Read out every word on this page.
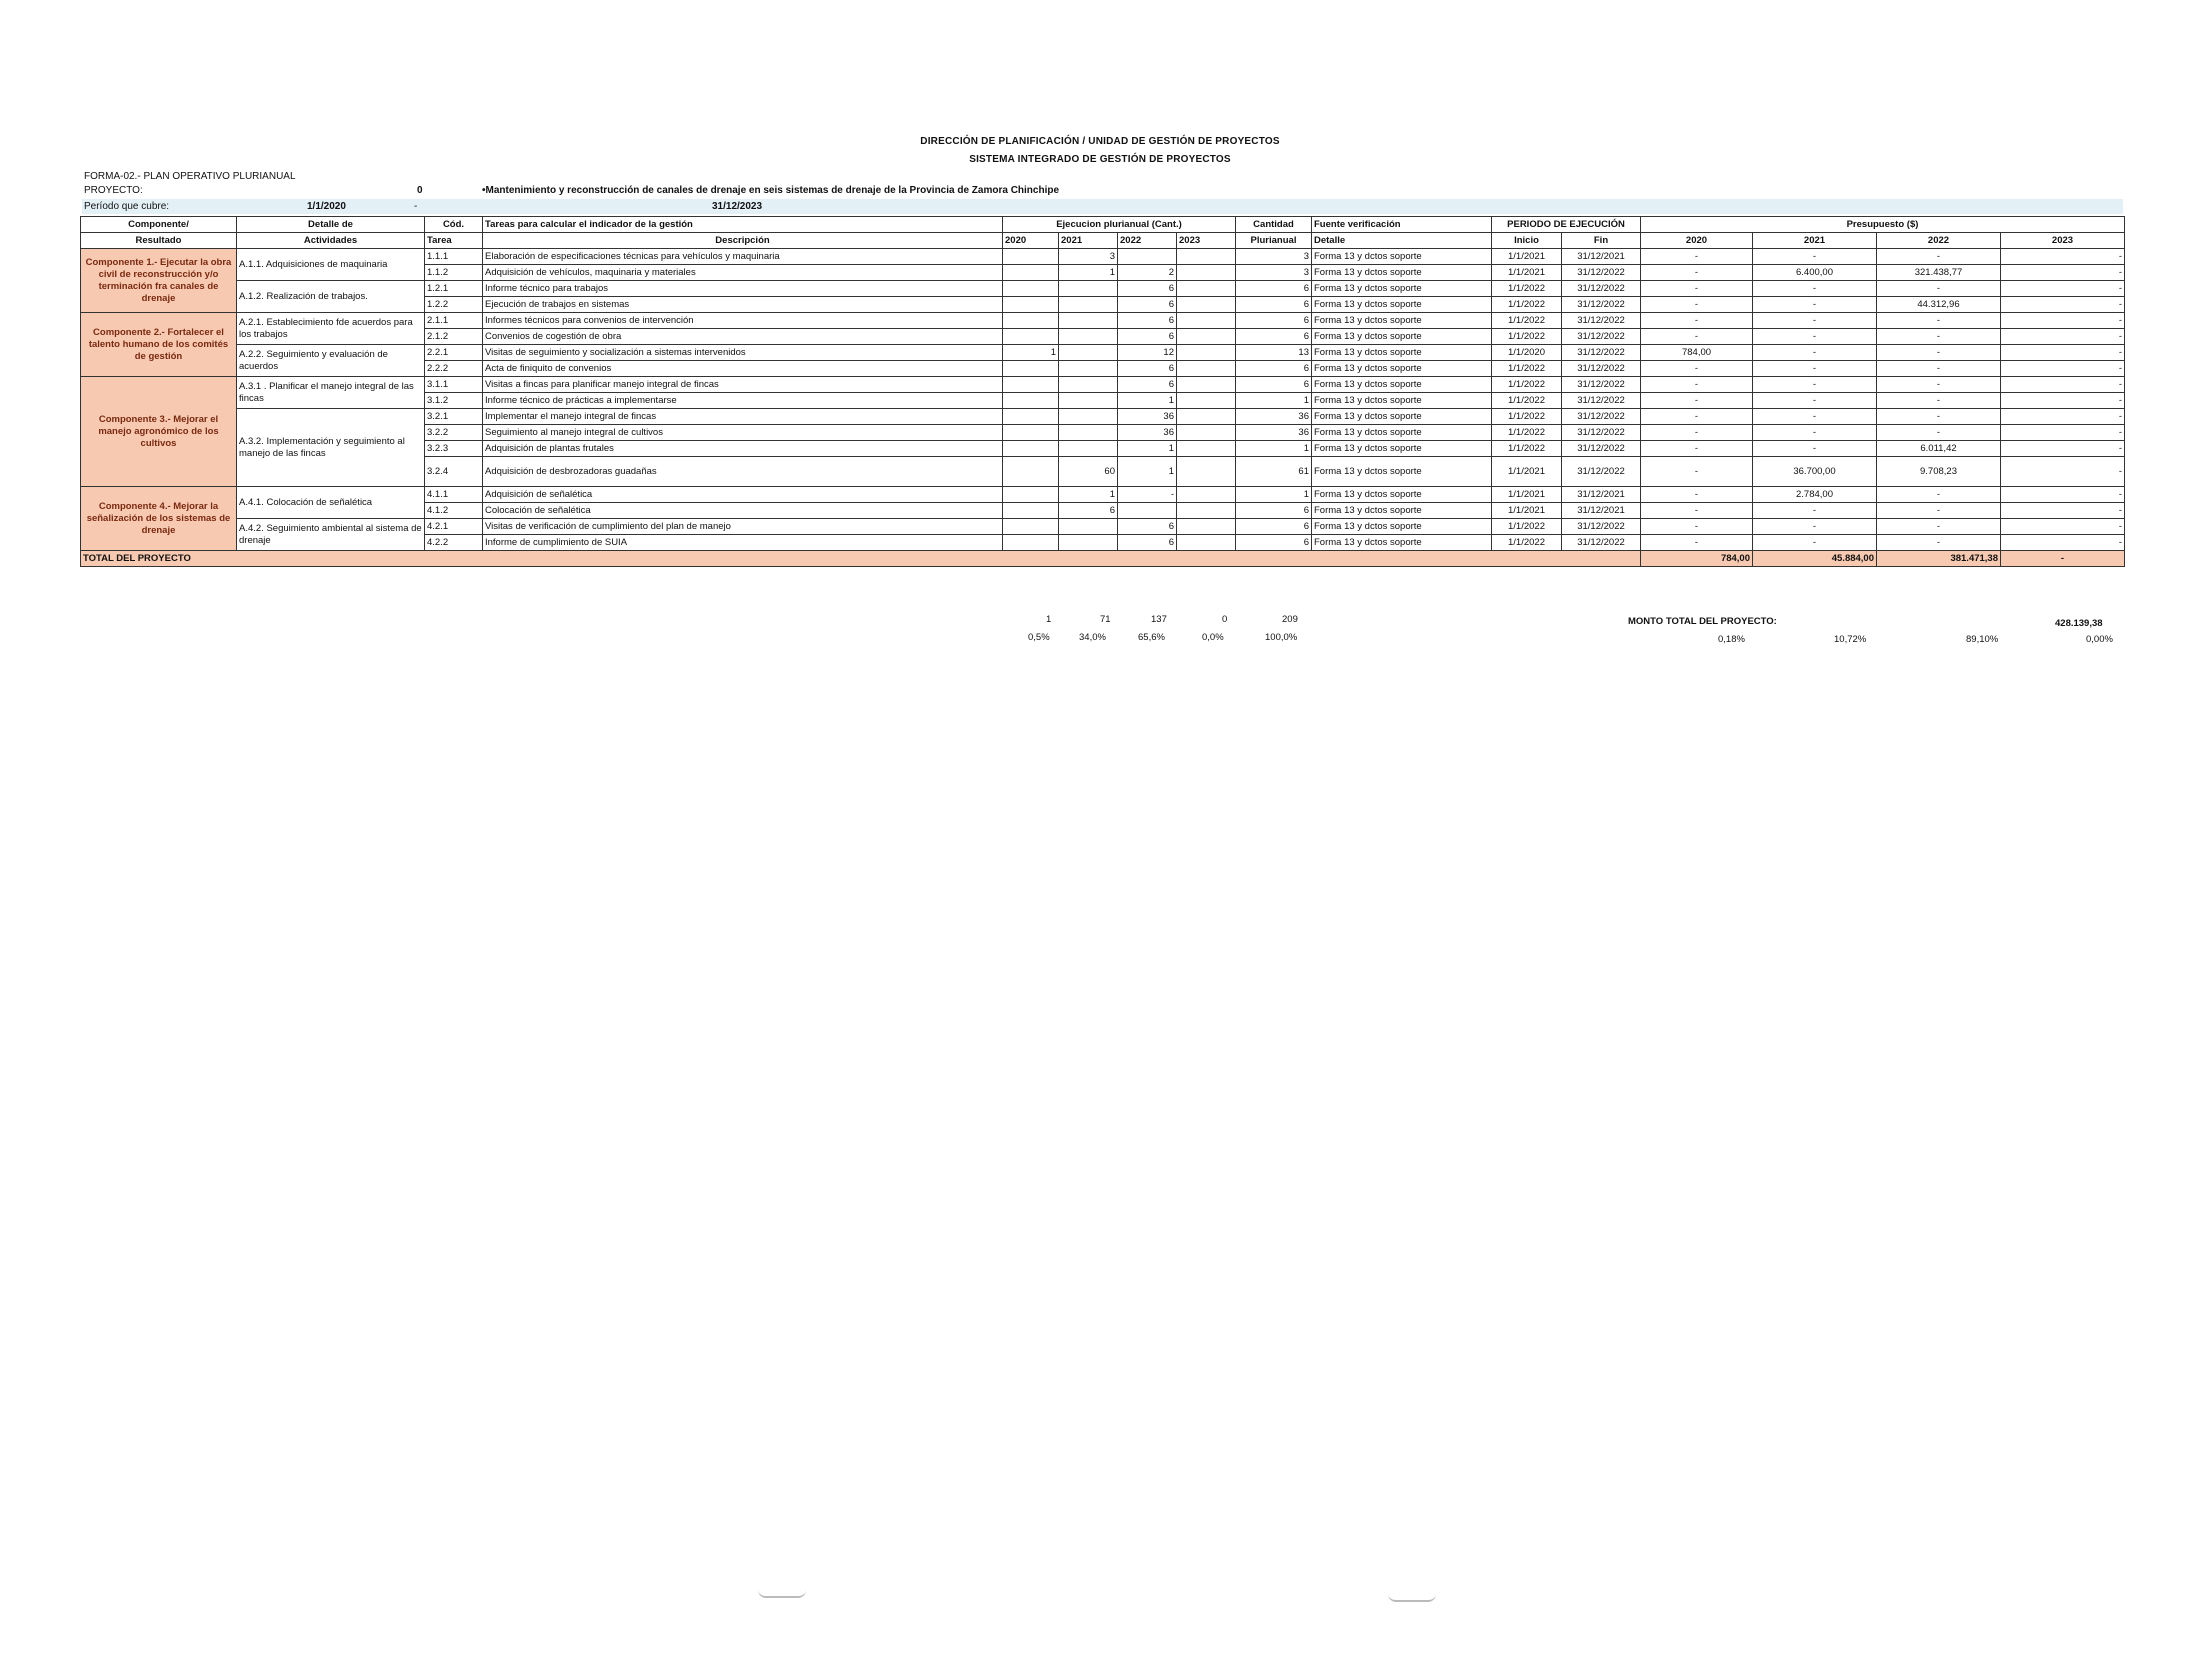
DIRECCIÓN DE PLANIFICACIÓN / UNIDAD DE GESTIÓN DE PROYECTOS
SISTEMA INTEGRADO DE GESTIÓN DE PROYECTOS
FORMA-02.- PLAN OPERATIVO PLURIANUAL
PROYECTO:	0	•Mantenimiento y reconstrucción de canales de drenaje en seis sistemas de drenaje de la Provincia de Zamora Chinchipe
Período que cubre:	1/1/2020	-	31/12/2023
Componente/	Detalle de	Cód.	Tareas para calcular el indicador de la gestión	Ejecucion plurianual (Cant.)				Cantidad	Fuente verificación	PERIODO DE EJECUCIÓN		Presupuesto ($)			
Resultado	Actividades	Tarea	Descripción	2020	2021	2022	2023	Plurianual	Detalle	Inicio	Fin	2020	2021	2022	2023
Componente 1.- Ejecutar la obra civil de reconstrucción y/o terminación fra canales de drenaje	A.1.1. Adquisiciones de maquinaria	1.1.1	Elaboración de especificaciones técnicas para vehículos y maquinaria		3			3	Forma 13 y dctos soporte	1/1/2021	31/12/2021	-	-	-	-
		1.1.2	Adquisición de vehículos, maquinaria y materiales		1	2		3	Forma 13 y dctos soporte	1/1/2021	31/12/2022	-	6.400,00	321.438,77	-
	A.1.2. Realización de trabajos.	1.2.1	Informe técnico para trabajos			6		6	Forma 13 y dctos soporte	1/1/2022	31/12/2022	-	-	-	-
		1.2.2	Ejecución de trabajos en sistemas			6		6	Forma 13 y dctos soporte	1/1/2022	31/12/2022	-	-	44.312,96	-
Componente 2.- Fortalecer el talento humano de los comités de gestión	A.2.1. Establecimiento fde acuerdos para los trabajos	2.1.1	Informes técnicos para convenios de intervención			6		6	Forma 13 y dctos soporte	1/1/2022	31/12/2022	-	-	-	-
		2.1.2	Convenios de cogestión de obra			6		6	Forma 13 y dctos soporte	1/1/2022	31/12/2022	-	-	-	-
	A.2.2. Seguimiento y evaluación de acuerdos	2.2.1	Visitas de seguimiento y socialización a sistemas intervenidos	1		12		13	Forma 13 y dctos soporte	1/1/2020	31/12/2022	784,00	-	-	-
		2.2.2	Acta de finiquito de convenios			6		6	Forma 13 y dctos soporte	1/1/2022	31/12/2022	-	-	-	-
Componente 3.- Mejorar el manejo agronómico de los cultivos	A.3.1 . Planificar el manejo integral de las fincas	3.1.1	Visitas a fincas para planificar manejo integral de fincas			6		6	Forma 13 y dctos soporte	1/1/2022	31/12/2022	-	-	-	-
		3.1.2	Informe técnico de prácticas a implementarse			1		1	Forma 13 y dctos soporte	1/1/2022	31/12/2022	-	-	-	-
	A.3.2. Implementación y seguimiento al manejo de las fincas	3.2.1	Implementar el manejo integral de fincas			36		36	Forma 13 y dctos soporte	1/1/2022	31/12/2022	-	-	-	-
		3.2.2	Seguimiento al manejo integral de cultivos			36		36	Forma 13 y dctos soporte	1/1/2022	31/12/2022	-	-	-	-
		3.2.3	Adquisición de plantas frutales			1		1	Forma 13 y dctos soporte	1/1/2022	31/12/2022	-	-	6.011,42	-
		3.2.4	Adquisición de desbrozadoras guadañas		60	1		61	Forma 13 y dctos soporte	1/1/2021	31/12/2022	-	36.700,00	9.708,23	-
Componente 4.- Mejorar la señalización de los sistemas de drenaje	A.4.1. Colocación de señalética	4.1.1	Adquisición de señalética		1	-		1	Forma 13 y dctos soporte	1/1/2021	31/12/2021	-	2.784,00	-	-
		4.1.2	Colocación de señalética		6			6	Forma 13 y dctos soporte	1/1/2021	31/12/2021	-	-	-	-
	A.4.2. Seguimiento ambiental al sistema de drenaje	4.2.1	Visitas de verificación de cumplimiento del plan de manejo			6		6	Forma 13 y dctos soporte	1/1/2022	31/12/2022	-	-	-	-
		4.2.2	Informe de cumplimiento de SUIA			6		6	Forma 13 y dctos soporte	1/1/2022	31/12/2022	-	-	-	-
TOTAL DEL PROYECTO												784,00	45.884,00	381.471,38	-
1	71	137	0	209
0,5%	34,0%	65,6%	0,0%	100,0%
MONTO TOTAL DEL PROYECTO:	428.139,38
0,18%	10,72%	89,10%	0,00%
